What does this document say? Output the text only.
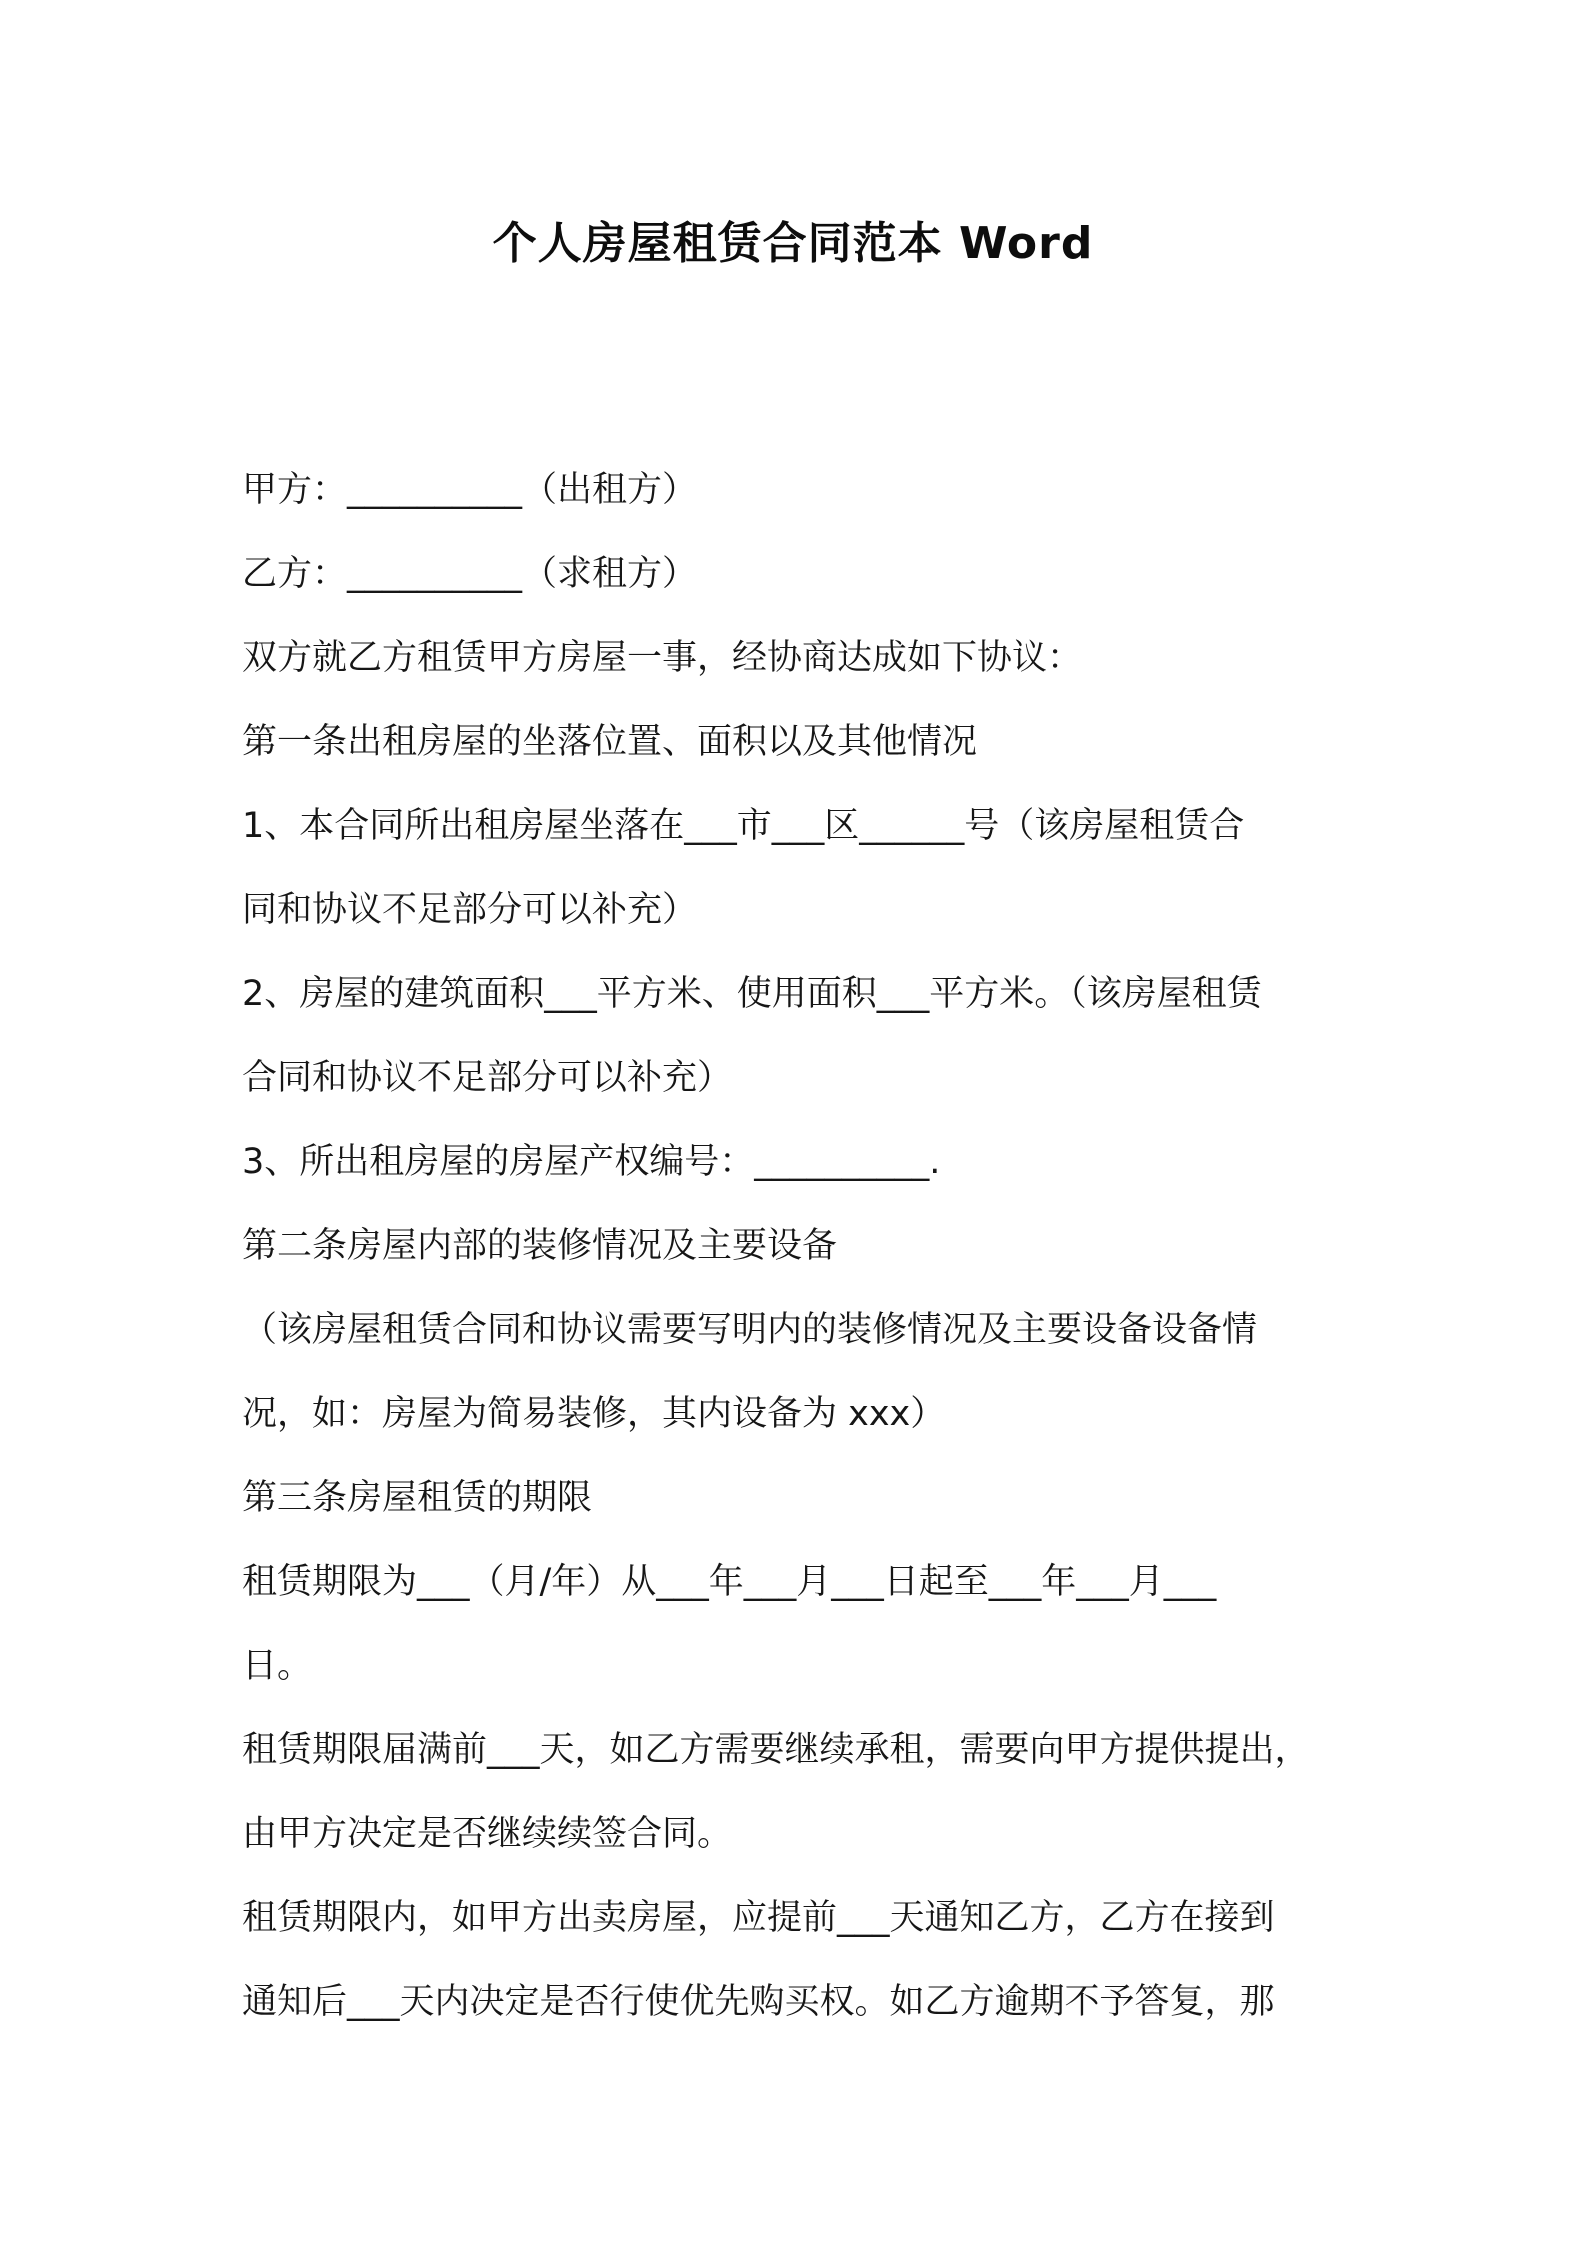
个人房屋租赁合同范本 Word
甲方：__________（出租方）
乙方：__________（求租方）
双方就乙方租赁甲方房屋一事，经协商达成如下协议：
第一条出租房屋的坐落位置、面积以及其他情况
1、本合同所出租房屋坐落在___市___区______号（该房屋租赁合
同和协议不足部分可以补充）
2、房屋的建筑面积___平方米、使用面积___平方米。（该房屋租赁
合同和协议不足部分可以补充）
3、所出租房屋的房屋产权编号：__________.
第二条房屋内部的装修情况及主要设备
（该房屋租赁合同和协议需要写明内的装修情况及主要设备设备情
况，如：房屋为简易装修，其内设备为 xxx）
第三条房屋租赁的期限
租赁期限为___（月/年）从___年___月___日起至___年___月___
日。
租赁期限届满前___天，如乙方需要继续承租，需要向甲方提供提出，
由甲方决定是否继续续签合同。
租赁期限内，如甲方出卖房屋，应提前___天通知乙方，乙方在接到
通知后___天内决定是否行使优先购买权。如乙方逾期不予答复，那
